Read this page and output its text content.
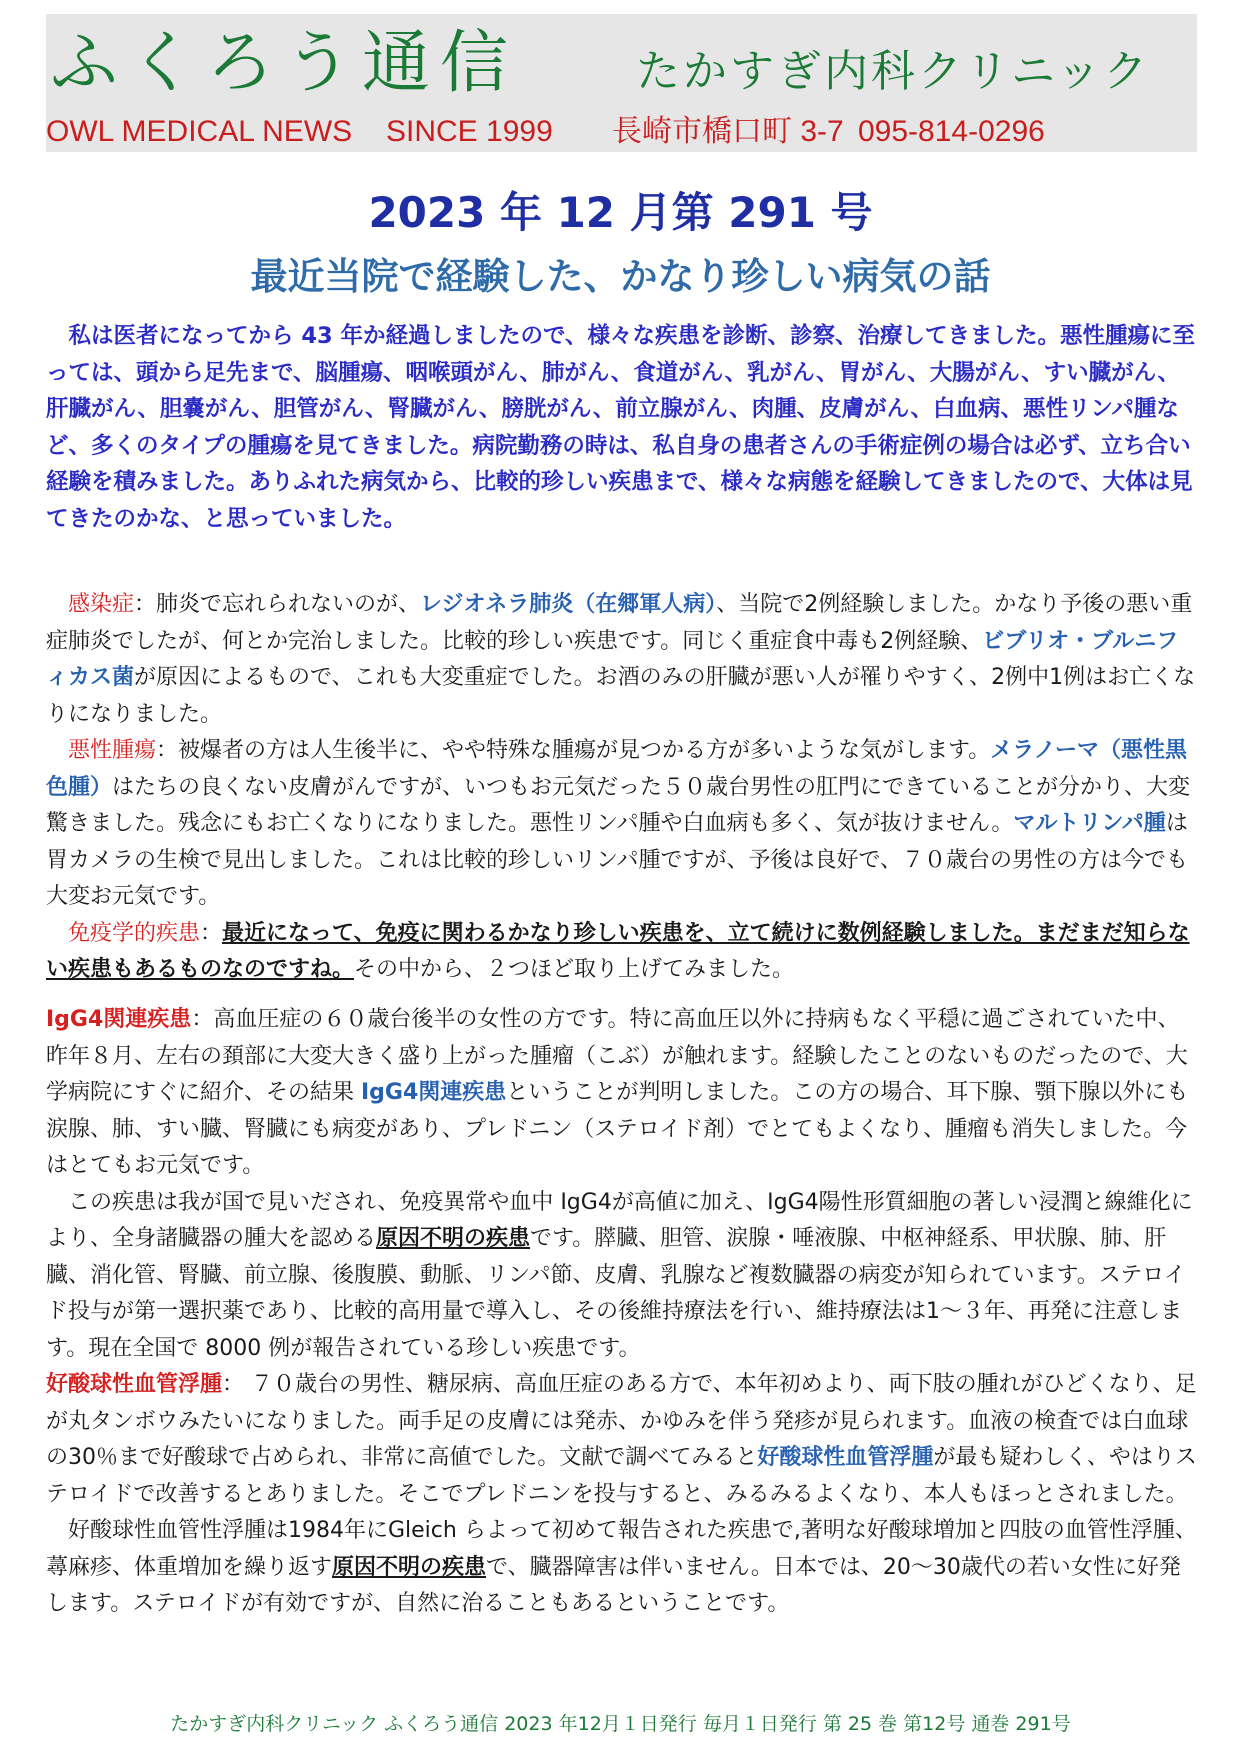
ふくろう通信	たかすぎ内科クリニック
OWL MEDICAL NEWS SINCE 1999 長崎市橋口町 3-7 095-814-0296
2023 年 12 月第 291 号
最近当院で経験した、かなり珍しい病気の話

私は医者になってから 43 年か経過しましたので、様々な疾患を診断、診察、治療してきました。悪性腫瘍に至っては、頭から足先まで、脳腫瘍、咽喉頭がん、肺がん、食道がん、乳がん、胃がん、大腸がん、すい臓がん、肝臓がん、胆嚢がん、胆管がん、腎臓がん、膀胱がん、前立腺がん、肉腫、皮膚がん、白血病、悪性リンパ腫など、多くのタイプの腫瘍を見てきました。病院勤務の時は、私自身の患者さんの手術症例の場合は必ず、立ち合い経験を積みました。ありふれた病気から、比較的珍しい疾患まで、様々な病態を経験してきましたので、大体は見てきたのかな、と思っていました。

感染症：肺炎で忘れられないのが、レジオネラ肺炎（在郷軍人病）、当院で2例経験しました。かなり予後の悪い重症肺炎でしたが、何とか完治しました。比較的珍しい疾患です。同じく重症食中毒も2例経験、ビブリオ・ブルニフィカス菌が原因によるもので、これも大変重症でした。お酒のみの肝臓が悪い人が罹りやすく、2例中1例はお亡くなりになりました。

悪性腫瘍：被爆者の方は人生後半に、やや特殊な腫瘍が見つかる方が多いような気がします。メラノーマ（悪性黒色腫）はたちの良くない皮膚がんですが、いつもお元気だった５０歳台男性の肛門にできていることが分かり、大変驚きました。残念にもお亡くなりになりました。悪性リンパ腫や白血病も多く、気が抜けません。マルトリンパ腫は胃カメラの生検で見出しました。これは比較的珍しいリンパ腫ですが、予後は良好で、７０歳台の男性の方は今でも大変お元気です。

免疫学的疾患：最近になって、免疫に関わるかなり珍しい疾患を、立て続けに数例経験しました。まだまだ知らない疾患もあるものなのですね。その中から、２つほど取り上げてみました。

IgG4関連疾患：高血圧症の６０歳台後半の女性の方です。特に高血圧以外に持病もなく平穏に過ごされていた中、昨年８月、左右の頚部に大変大きく盛り上がった腫瘤（こぶ）が触れます。経験したことのないものだったので、大学病院にすぐに紹介、その結果 IgG4関連疾患ということが判明しました。この方の場合、耳下腺、顎下腺以外にも涙腺、肺、すい臓、腎臓にも病変があり、プレドニン（ステロイド剤）でとてもよくなり、腫瘤も消失しました。今はとてもお元気です。

この疾患は我が国で見いだされ、免疫異常や血中 IgG4が高値に加え、IgG4陽性形質細胞の著しい浸潤と線維化により、全身諸臓器の腫大を認める原因不明の疾患です。膵臓、胆管、涙腺・唾液腺、中枢神経系、甲状腺、肺、肝臓、消化管、腎臓、前立腺、後腹膜、動脈、リンパ節、皮膚、乳腺など複数臓器の病変が知られています。ステロイド投与が第一選択薬であり、比較的高用量で導入し、その後維持療法を行い、維持療法は1～３年、再発に注意します。現在全国で 8000 例が報告されている珍しい疾患です。

好酸球性血管浮腫： ７０歳台の男性、糖尿病、高血圧症のある方で、本年初めより、両下肢の腫れがひどくなり、足が丸タンボウみたいになりました。両手足の皮膚には発赤、かゆみを伴う発疹が見られます。血液の検査では白血球の30％まで好酸球で占められ、非常に高値でした。文献で調べてみると好酸球性血管浮腫が最も疑わしく、やはりステロイドで改善するとありました。そこでプレドニンを投与すると、みるみるよくなり、本人もほっとされました。

好酸球性血管性浮腫は1984年にGleich らよって初めて報告された疾患で,著明な好酸球増加と四肢の血管性浮腫、蕁麻疹、体重増加を繰り返す原因不明の疾患で、臓器障害は伴いません。日本では、20～30歳代の若い女性に好発します。ステロイドが有効ですが、自然に治ることもあるということです。

たかすぎ内科クリニック ふくろう通信 2023 年12月１日発行 毎月１日発行 第 25 巻 第12号 通巻 291号
